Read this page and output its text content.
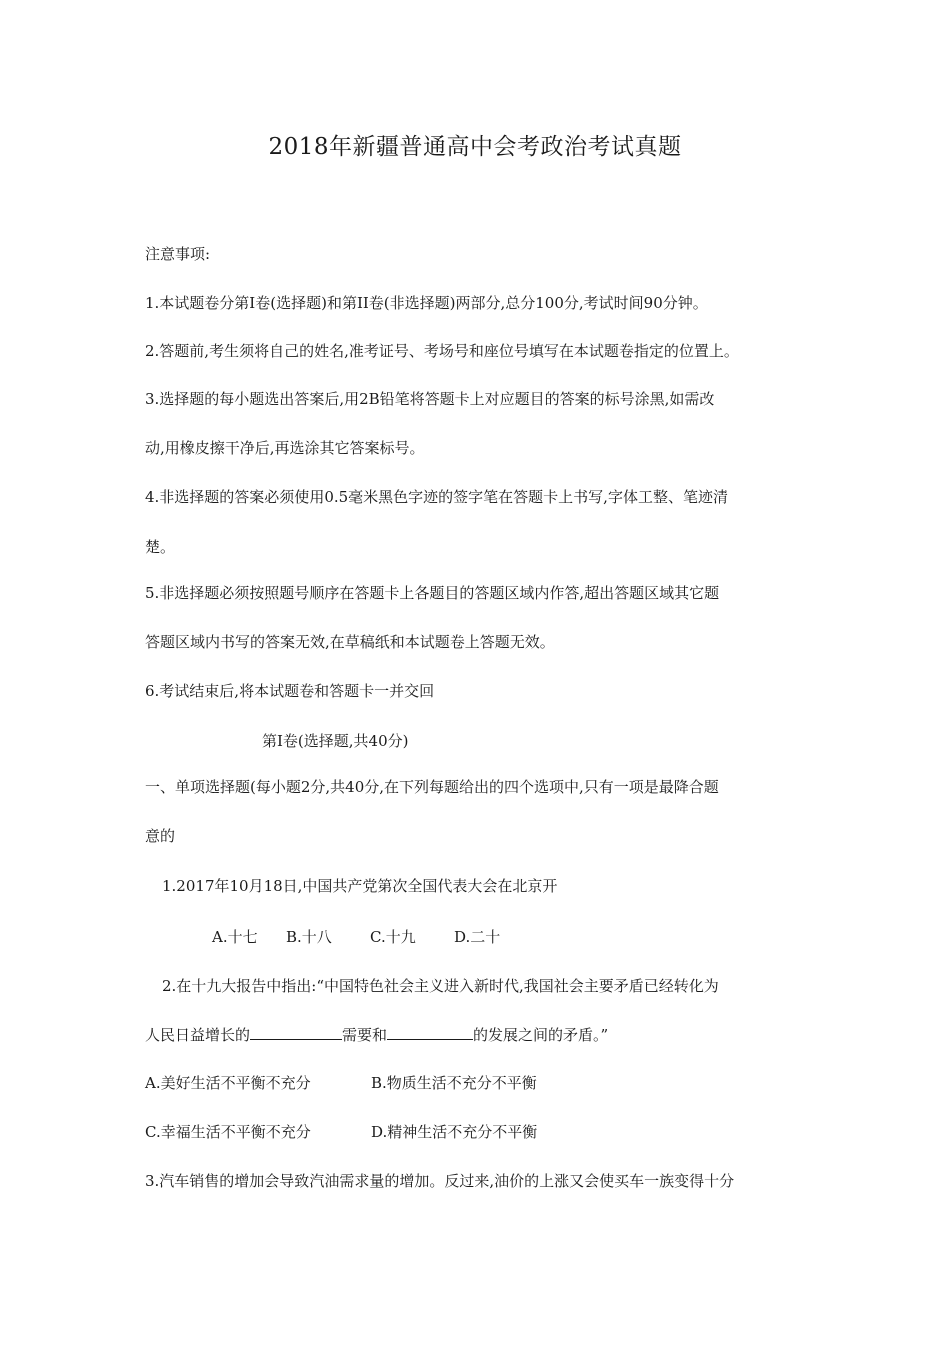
2018年新疆普通高中会考政治考试真题
注意事项:
1.本试题卷分第I卷(选择题)和第II卷(非选择题)两部分,总分100分,考试时间90分钟。
2.答题前,考生须将自己的姓名,准考证号、考场号和座位号填写在本试题卷指定的位置上。
3.选择题的每小题选出答案后,用2B铅笔将答题卡上对应题目的答案的标号涂黑,如需改
动,用橡皮擦干净后,再选涂其它答案标号。
4.非选择题的答案必须使用0.5毫米黑色字迹的签字笔在答题卡上书写,字体工整、笔迹清
楚。
5.非选择题必须按照题号顺序在答题卡上各题目的答题区域内作答,超出答题区域其它题
答题区域内书写的答案无效,在草稿纸和本试题卷上答题无效。
6.考试结束后,将本试题卷和答题卡一并交回
第I卷(选择题,共40分)
一、单项选择题(每小题2分,共40分,在下列每题给出的四个选项中,只有一项是最降合题
意的
1.2017年10月18日,中国共产党第次全国代表大会在北京开
A.十七 B.十八	C.十九	D.二十
2.在十九大报告中指出:“中国特色社会主义进入新时代,我国社会主要矛盾已经转化为
人民日益增长的	需要和	的发展之间的矛盾。”
A.美好生活不平衡不充分	B.物质生活不充分不平衡
C.幸福生活不平衡不充分	D.精神生活不充分不平衡
3.汽车销售的增加会导致汽油需求量的增加。反过来,油价的上涨又会使买车一族变得十分
